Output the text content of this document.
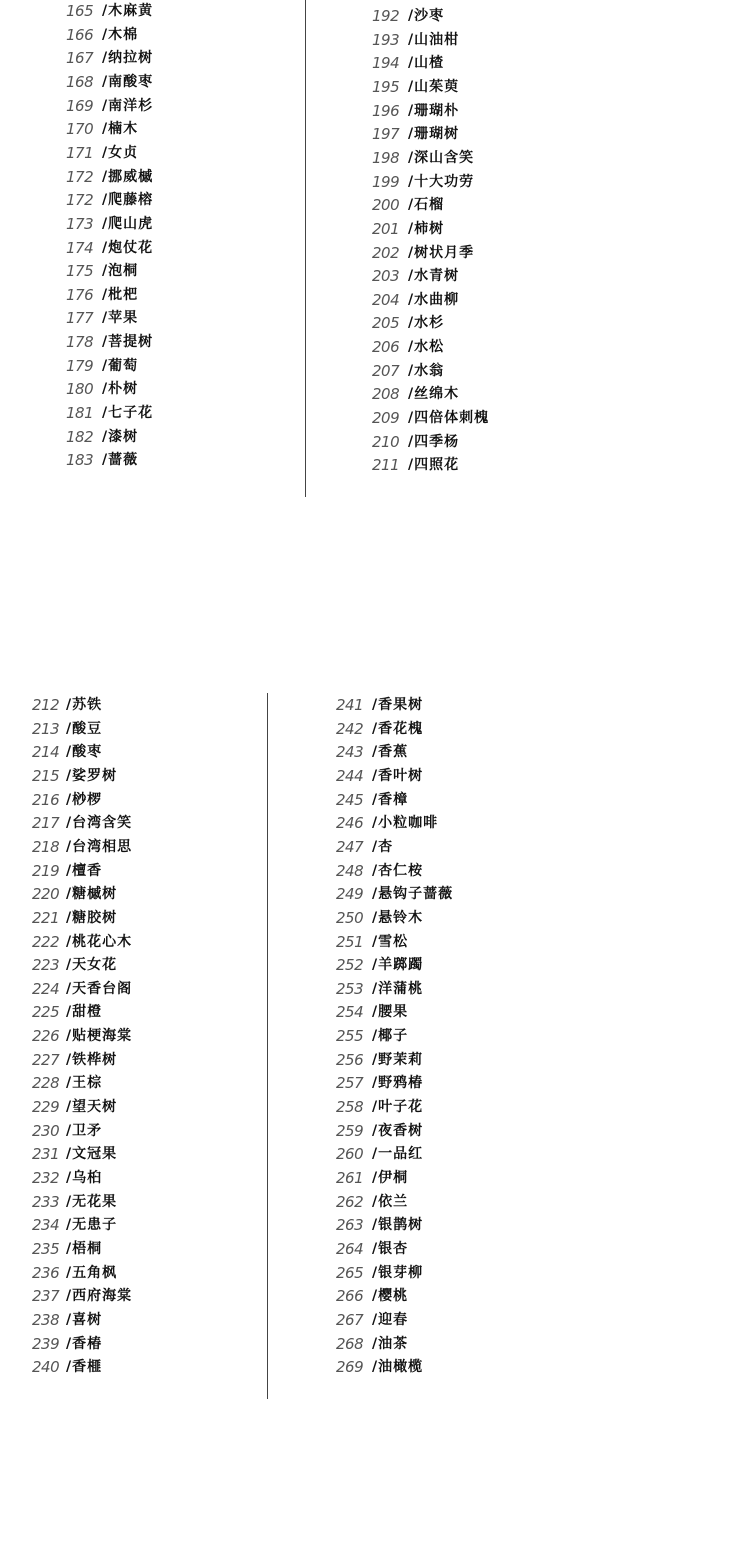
165 /木麻黄
166 /木棉
167 /纳拉树
168 /南酸枣
169 /南洋杉
170 /楠木
171 /女贞
172 /挪威槭
172 /爬藤榕
173 /爬山虎
174 /炮仗花
175 /泡桐
176 /枇杷
177 /苹果
178 /菩提树
179 /葡萄
180 /朴树
181 /七子花
182 /漆树
183 /蔷薇
192 /沙枣
193 /山油柑
194 /山楂
195 /山茱萸
196 /珊瑚朴
197 /珊瑚树
198 /深山含笑
199 /十大功劳
200 /石榴
201 /柿树
202 /树状月季
203 /水青树
204 /水曲柳
205 /水杉
206 /水松
207 /水翁
208 /丝绵木
209 /四倍体刺槐
210 /四季杨
211 /四照花
212 /苏铁
213 /酸豆
214 /酸枣
215 /娑罗树
216 /桫椤
217 /台湾含笑
218 /台湾相思
219 /檀香
220 /糖槭树
221 /糖胶树
222 /桃花心木
223 /天女花
224 /天香台阁
225 /甜橙
226 /贴梗海棠
227 /铁桦树
228 /王棕
229 /望天树
230 /卫矛
231 /文冠果
232 /乌桕
233 /无花果
234 /无患子
235 /梧桐
236 /五角枫
237 /西府海棠
238 /喜树
239 /香椿
240 /香榧
241 /香果树
242 /香花槐
243 /香蕉
244 /香叶树
245 /香樟
246 /小粒咖啡
247 /杏
248 /杏仁桉
249 /悬钩子蔷薇
250 /悬铃木
251 /雪松
252 /羊踯躅
253 /洋蒲桃
254 /腰果
255 /椰子
256 /野茉莉
257 /野鸦椿
258 /叶子花
259 /夜香树
260 /一品红
261 /伊桐
262 /依兰
263 /银鹊树
264 /银杏
265 /银芽柳
266 /樱桃
267 /迎春
268 /油茶
269 /油橄榄
